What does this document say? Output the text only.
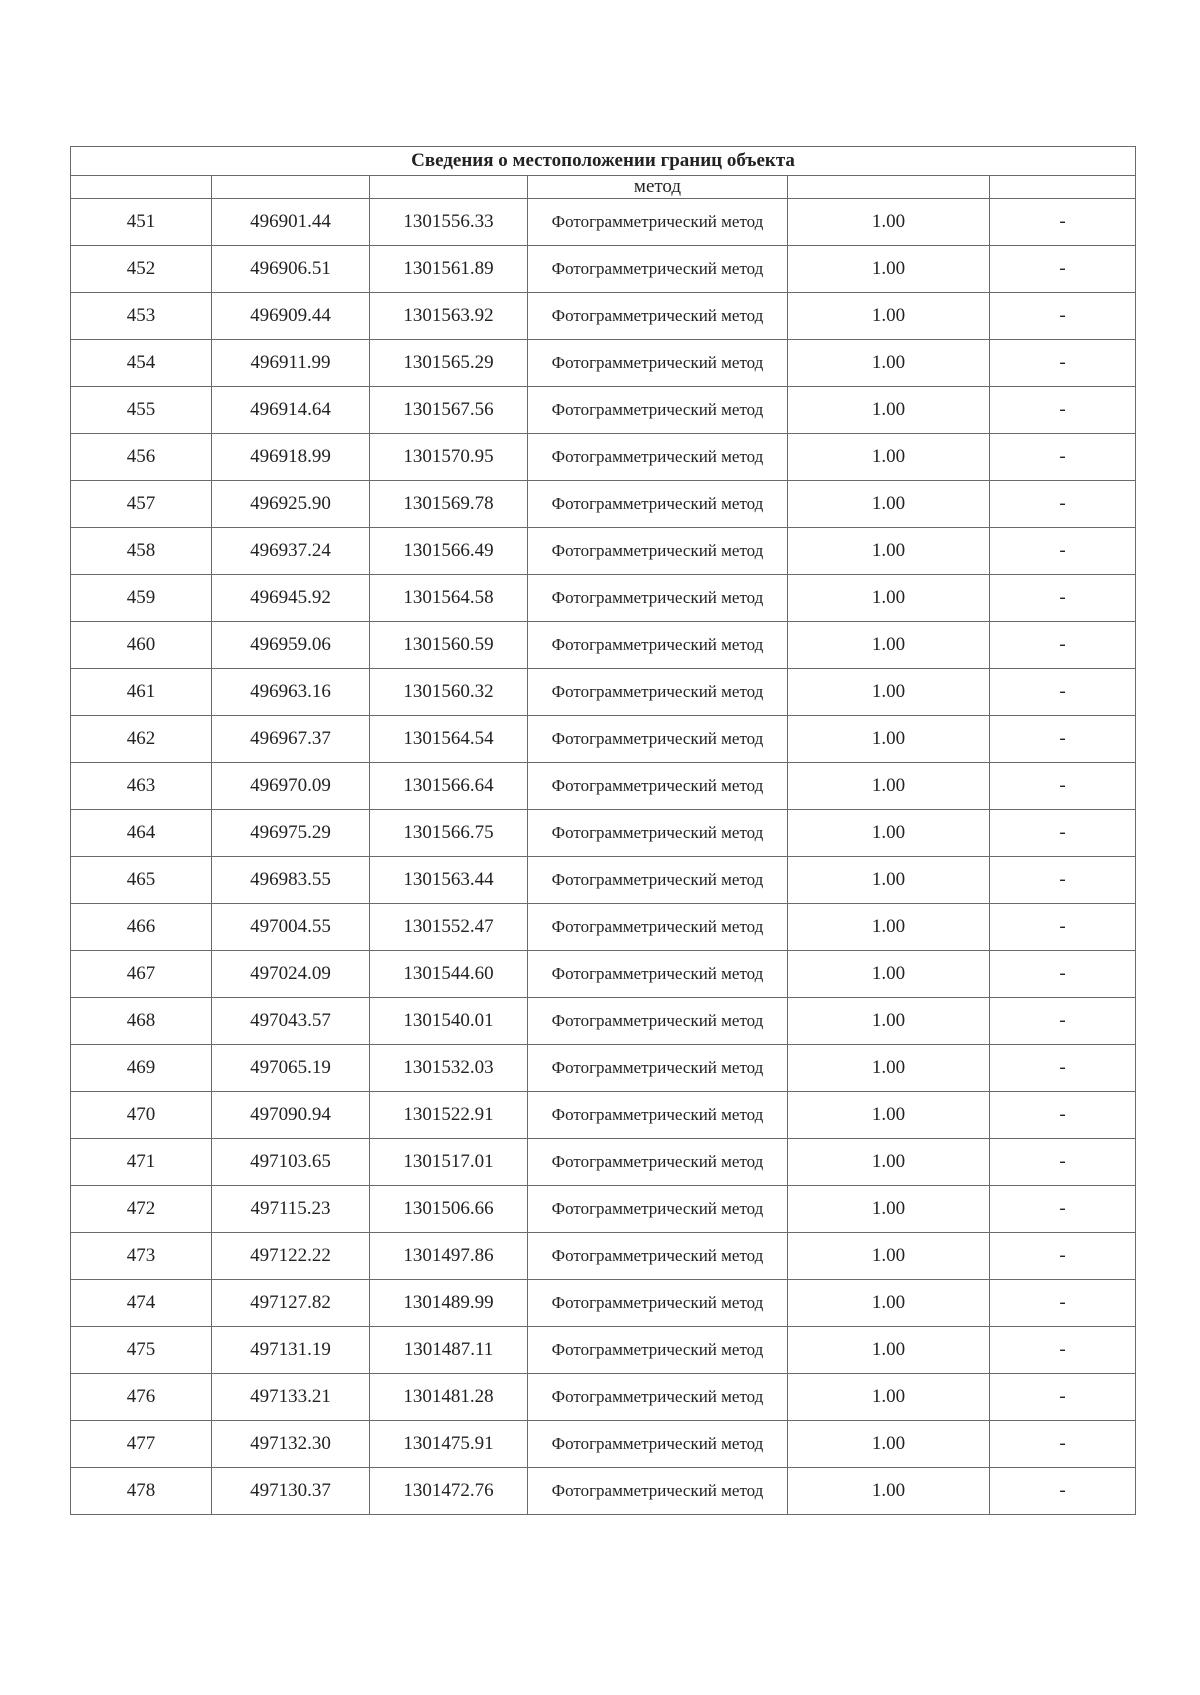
Сведения о местоположении границ объекта					
			метод		
451	496901.44	1301556.33	Фотограмметрический метод	1.00	-
452	496906.51	1301561.89	Фотограмметрический метод	1.00	-
453	496909.44	1301563.92	Фотограмметрический метод	1.00	-
454	496911.99	1301565.29	Фотограмметрический метод	1.00	-
455	496914.64	1301567.56	Фотограмметрический метод	1.00	-
456	496918.99	1301570.95	Фотограмметрический метод	1.00	-
457	496925.90	1301569.78	Фотограмметрический метод	1.00	-
458	496937.24	1301566.49	Фотограмметрический метод	1.00	-
459	496945.92	1301564.58	Фотограмметрический метод	1.00	-
460	496959.06	1301560.59	Фотограмметрический метод	1.00	-
461	496963.16	1301560.32	Фотограмметрический метод	1.00	-
462	496967.37	1301564.54	Фотограмметрический метод	1.00	-
463	496970.09	1301566.64	Фотограмметрический метод	1.00	-
464	496975.29	1301566.75	Фотограмметрический метод	1.00	-
465	496983.55	1301563.44	Фотограмметрический метод	1.00	-
466	497004.55	1301552.47	Фотограмметрический метод	1.00	-
467	497024.09	1301544.60	Фотограмметрический метод	1.00	-
468	497043.57	1301540.01	Фотограмметрический метод	1.00	-
469	497065.19	1301532.03	Фотограмметрический метод	1.00	-
470	497090.94	1301522.91	Фотограмметрический метод	1.00	-
471	497103.65	1301517.01	Фотограмметрический метод	1.00	-
472	497115.23	1301506.66	Фотограмметрический метод	1.00	-
473	497122.22	1301497.86	Фотограмметрический метод	1.00	-
474	497127.82	1301489.99	Фотограмметрический метод	1.00	-
475	497131.19	1301487.11	Фотограмметрический метод	1.00	-
476	497133.21	1301481.28	Фотограмметрический метод	1.00	-
477	497132.30	1301475.91	Фотограмметрический метод	1.00	-
478	497130.37	1301472.76	Фотограмметрический метод	1.00	-
